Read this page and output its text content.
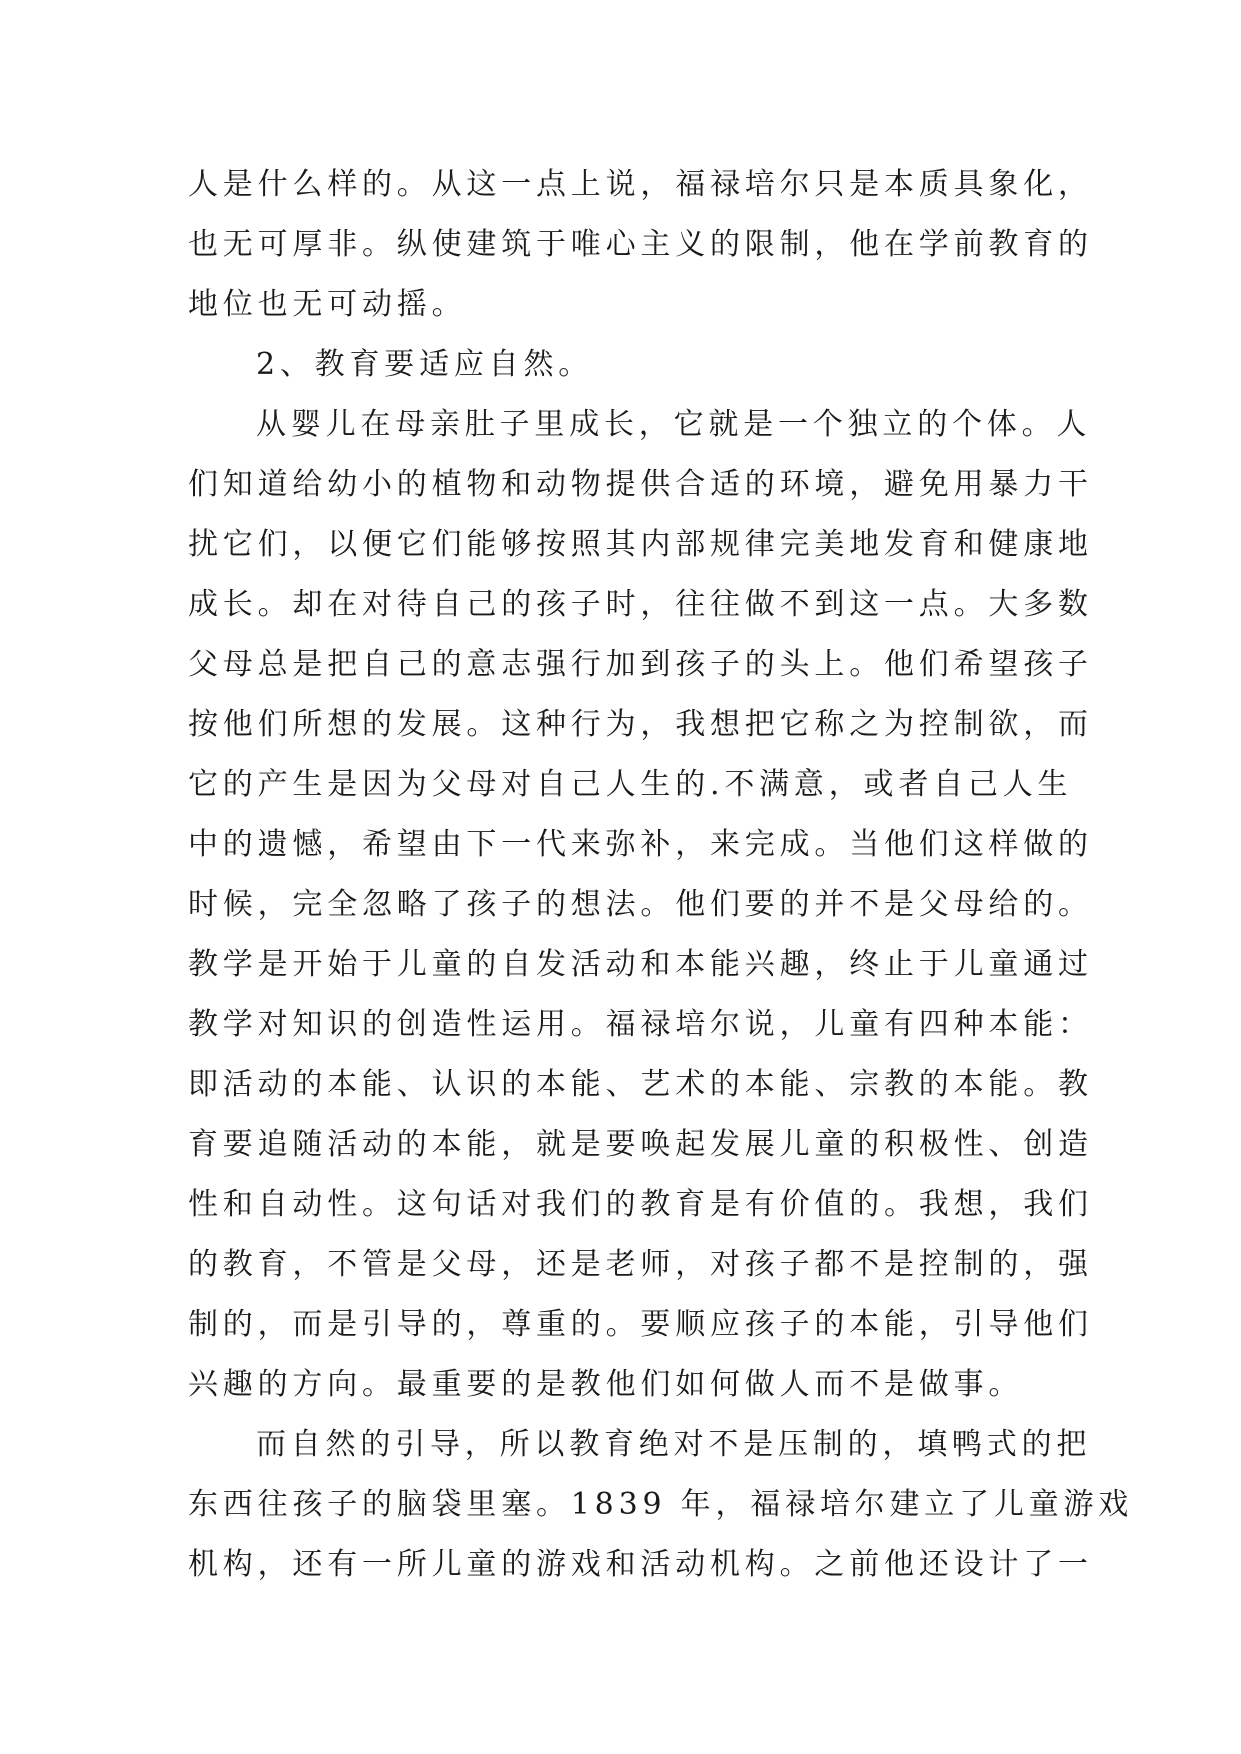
人是什么样的。从这一点上说，福禄培尔只是本质具象化，
也无可厚非。纵使建筑于唯心主义的限制，他在学前教育的
地位也无可动摇。
2、教育要适应自然。
从婴儿在母亲肚子里成长，它就是一个独立的个体。人
们知道给幼小的植物和动物提供合适的环境，避免用暴力干
扰它们，以便它们能够按照其内部规律完美地发育和健康地
成长。却在对待自己的孩子时，往往做不到这一点。大多数
父母总是把自己的意志强行加到孩子的头上。他们希望孩子
按他们所想的发展。这种行为，我想把它称之为控制欲，而
它的产生是因为父母对自己人生的.不满意，或者自己人生
中的遗憾，希望由下一代来弥补，来完成。当他们这样做的
时候，完全忽略了孩子的想法。他们要的并不是父母给的。
教学是开始于儿童的自发活动和本能兴趣，终止于儿童通过
教学对知识的创造性运用。福禄培尔说，儿童有四种本能：
即活动的本能、认识的本能、艺术的本能、宗教的本能。教
育要追随活动的本能，就是要唤起发展儿童的积极性、创造
性和自动性。这句话对我们的教育是有价值的。我想，我们
的教育，不管是父母，还是老师，对孩子都不是控制的，强
制的，而是引导的，尊重的。要顺应孩子的本能，引导他们
兴趣的方向。最重要的是教他们如何做人而不是做事。
而自然的引导，所以教育绝对不是压制的，填鸭式的把
东西往孩子的脑袋里塞。1839 年，福禄培尔建立了儿童游戏
机构，还有一所儿童的游戏和活动机构。之前他还设计了一
